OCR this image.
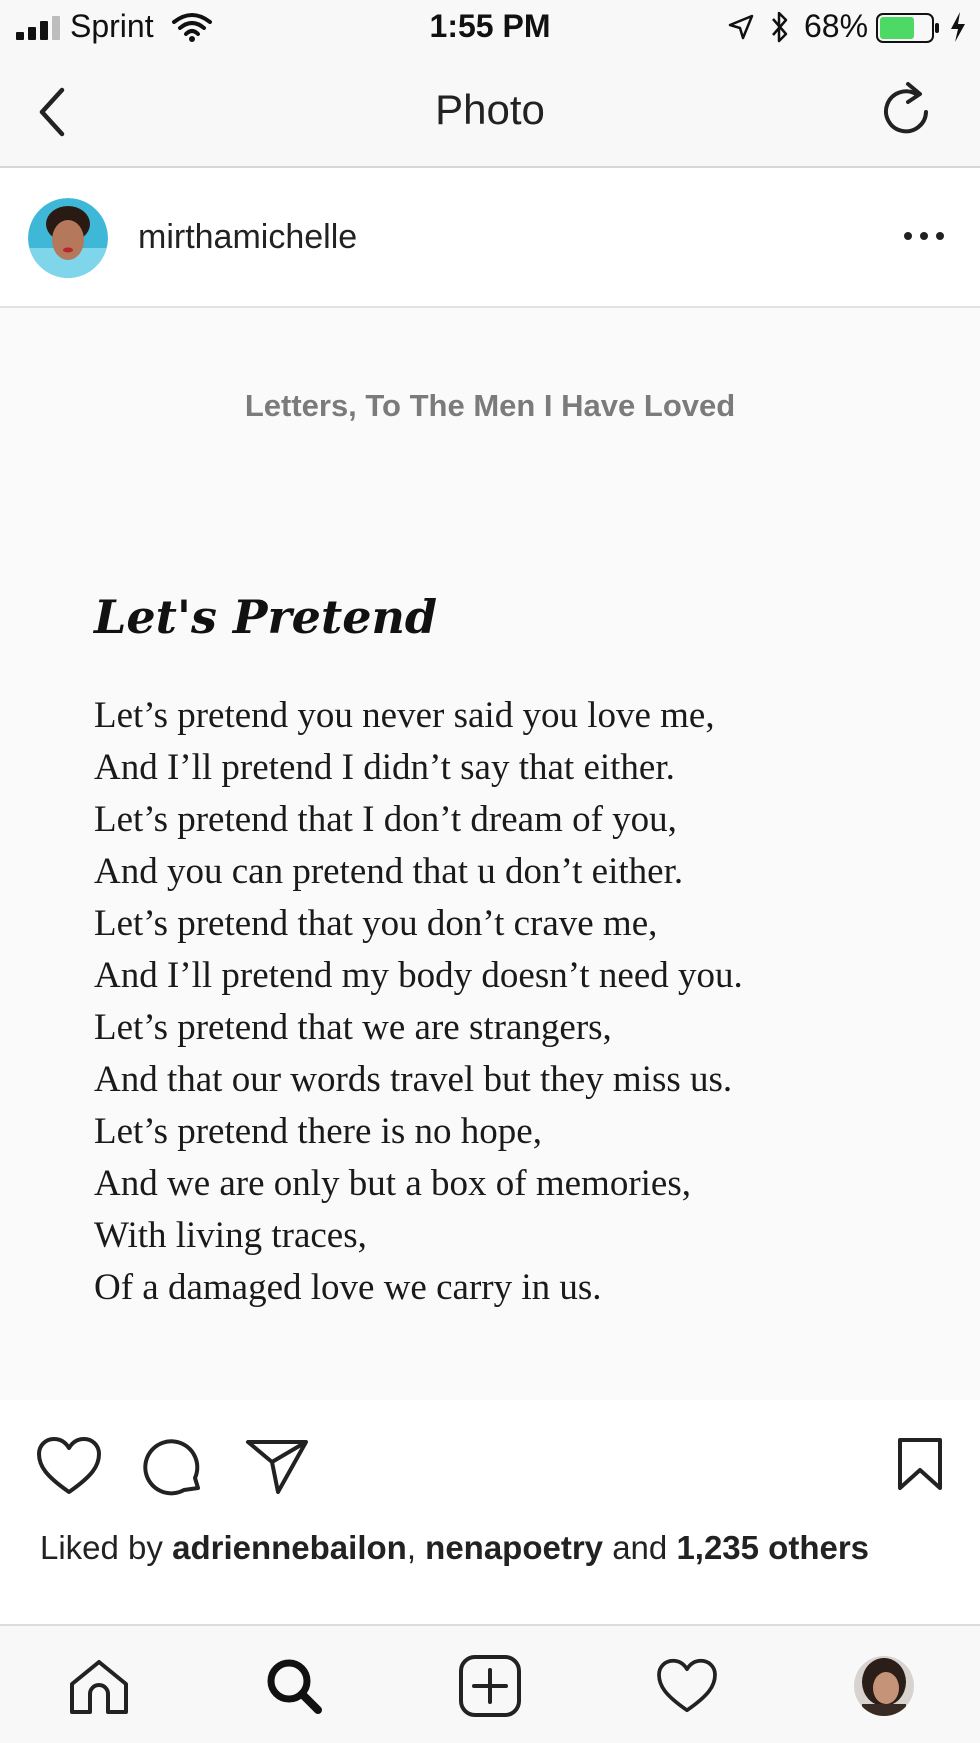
Sprint	1:55 PM	68%
Photo
mirthamichelle
Letters, To The Men I Have Loved
Let's Pretend
Let’s pretend you never said you love me,
And I’ll pretend I didn’t say that either.
Let’s pretend that I don’t dream of you,
And you can pretend that u don’t either.
Let’s pretend that you don’t crave me,
And I’ll pretend my body doesn’t need you.
Let’s pretend that we are strangers,
And that our words travel but they miss us.
Let’s pretend there is no hope,
And we are only but a box of memories,
With living traces,
Of a damaged love we carry in us.
Liked by adriennebailon, nenapoetry and 1,235 others
